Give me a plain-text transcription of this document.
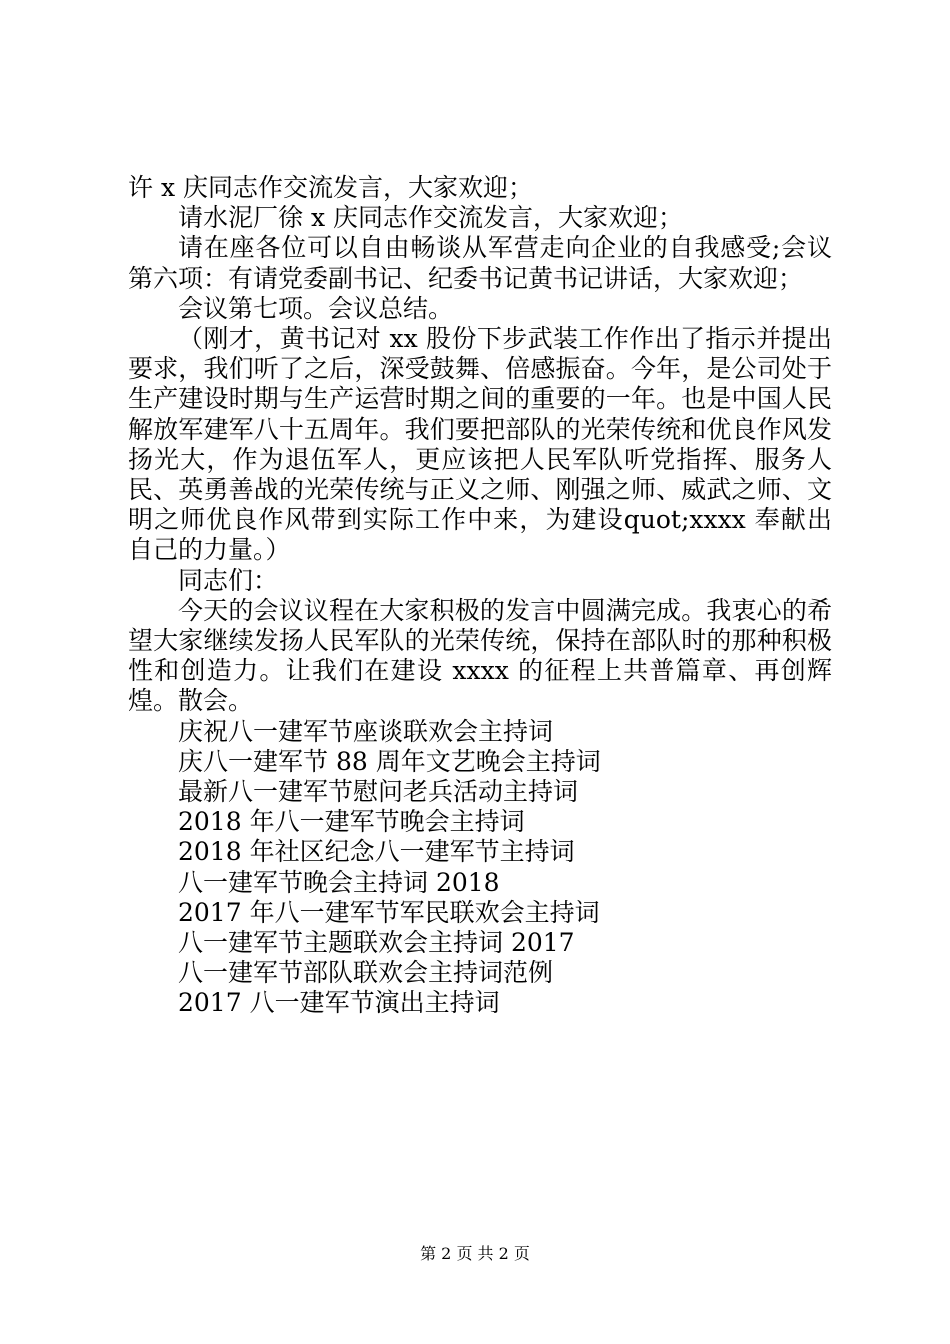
许 x 庆同志作交流发言，大家欢迎；

请水泥厂徐 x 庆同志作交流发言，大家欢迎；

请在座各位可以自由畅谈从军营走向企业的自我感受;会议第六项：有请党委副书记、纪委书记黄书记讲话，大家欢迎；

会议第七项。会议总结。

（刚才，黄书记对 xx 股份下步武装工作作出了指示并提出要求，我们听了之后，深受鼓舞、倍感振奋。今年，是公司处于生产建设时期与生产运营时期之间的重要的一年。也是中国人民解放军建军八十五周年。我们要把部队的光荣传统和优良作风发扬光大，作为退伍军人，更应该把人民军队听党指挥、服务人民、英勇善战的光荣传统与正义之师、刚强之师、威武之师、文明之师优良作风带到实际工作中来，为建设quot;xxxx 奉献出自己的力量。）

同志们：

今天的会议议程在大家积极的发言中圆满完成。我衷心的希望大家继续发扬人民军队的光荣传统，保持在部队时的那种积极性和创造力。让我们在建设 xxxx 的征程上共普篇章、再创辉煌。散会。

庆祝八一建军节座谈联欢会主持词

庆八一建军节 88 周年文艺晚会主持词

最新八一建军节慰问老兵活动主持词

2018 年八一建军节晚会主持词

2018 年社区纪念八一建军节主持词

八一建军节晚会主持词 2018

2017 年八一建军节军民联欢会主持词

八一建军节主题联欢会主持词 2017

八一建军节部队联欢会主持词范例

2017 八一建军节演出主持词

第 2 页 共 2 页
